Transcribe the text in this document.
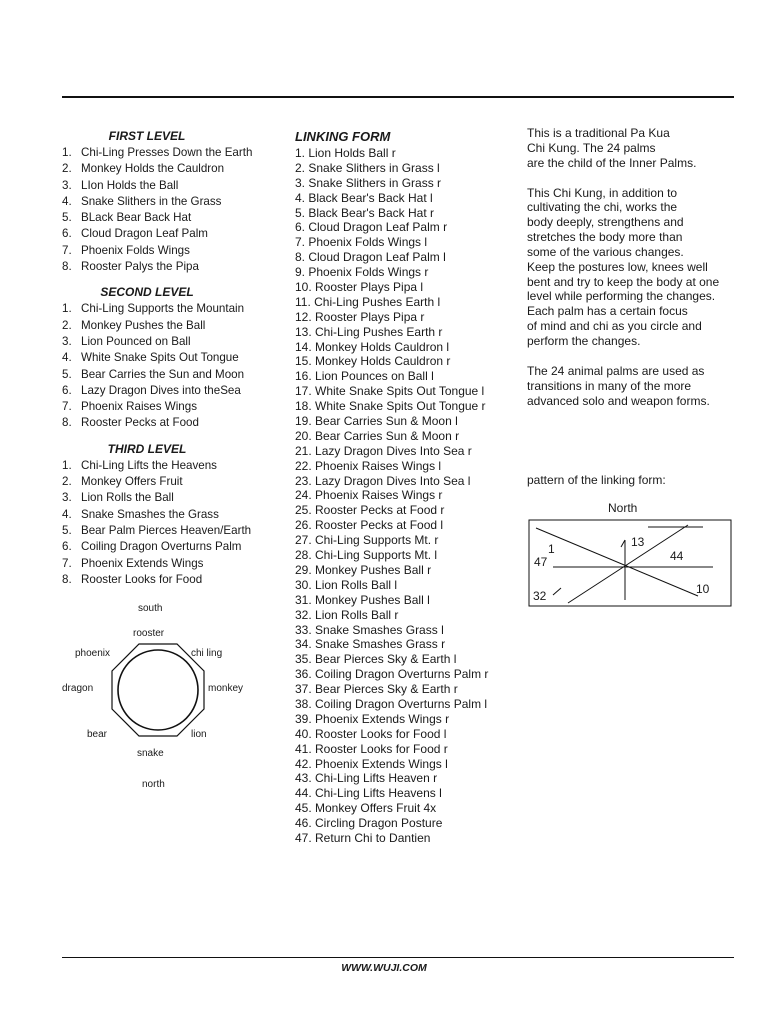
FIRST LEVEL
1. Chi-Ling Presses Down the Earth
2. Monkey Holds the Cauldron
3. LIon Holds the Ball
4. Snake Slithers in the Grass
5. BLack Bear Back Hat
6. Cloud Dragon Leaf Palm
7. Phoenix Folds Wings
8. Rooster Palys the Pipa
SECOND LEVEL
1. Chi-Ling Supports the Mountain
2. Monkey Pushes the Ball
3. Lion Pounced on Ball
4. White Snake Spits Out Tongue
5. Bear Carries the Sun and Moon
6. Lazy Dragon Dives into theSea
7. Phoenix Raises Wings
8. Rooster Pecks at Food
THIRD LEVEL
1. Chi-Ling Lifts the Heavens
2. Monkey Offers Fruit
3. Lion Rolls the Ball
4. Snake Smashes the Grass
5. Bear Palm Pierces Heaven/Earth
6. Coiling Dragon Overturns Palm
7. Phoenix Extends Wings
8. Rooster Looks for Food
south
rooster
phoenix	chi ling
dragon	monkey
bear	lion
snake
north
LINKING FORM
1. Lion Holds Ball r
2. Snake Slithers in Grass l
3. Snake Slithers in Grass r
4. Black Bear's Back Hat l
5. Black Bear's Back Hat r
6. Cloud Dragon Leaf Palm r
7. Phoenix Folds Wings l
8. Cloud Dragon Leaf Palm l
9. Phoenix Folds Wings r
10. Rooster Plays Pipa l
11. Chi-Ling Pushes Earth l
12. Rooster Plays Pipa r
13. Chi-Ling Pushes Earth r
14. Monkey Holds Cauldron l
15. Monkey Holds Cauldron r
16. Lion Pounces on Ball l
17. White Snake Spits Out Tongue l
18. White Snake Spits Out Tongue r
19. Bear Carries Sun & Moon l
20. Bear Carries Sun & Moon r
21. Lazy Dragon Dives Into Sea r
22. Phoenix Raises Wings l
23. Lazy Dragon Dives Into Sea l
24. Phoenix Raises Wings r
25. Rooster Pecks at Food r
26. Rooster Pecks at Food l
27. Chi-Ling Supports Mt. r
28. Chi-Ling Supports Mt. l
29. Monkey Pushes Ball r
30. Lion Rolls Ball l
31. Monkey Pushes Ball l
32. Lion Rolls Ball r
33. Snake Smashes Grass l
34. Snake Smashes Grass r
35. Bear Pierces Sky & Earth l
36. Coiling Dragon Overturns Palm r
37. Bear Pierces Sky & Earth r
38. Coiling Dragon Overturns Palm l
39. Phoenix Extends Wings r
40. Rooster Looks for Food l
41. Rooster Looks for Food r
42. Phoenix Extends Wings l
43. Chi-Ling Lifts Heaven r
44. Chi-Ling Lifts Heavens l
45. Monkey Offers Fruit 4x
46. Circling Dragon Posture
47. Return Chi to Dantien

This is a traditional Pa Kua
Chi Kung. The 24 palms
are the child of the Inner Palms.

This Chi Kung, in addition to
cultivating the chi, works the
body deeply, strengthens and
stretches the body more than
some of the various changes.
Keep the postures low, knees well
bent and try to keep the body at one
level while performing the changes.
Each palm has a certain focus
of mind and chi as you circle and
perform the changes.

The 24 animal palms are used as
transitions in many of the more
advanced solo and weapon forms.

pattern of the linking form:
North
1	13
47	44
10
32
WWW.WUJI.COM
